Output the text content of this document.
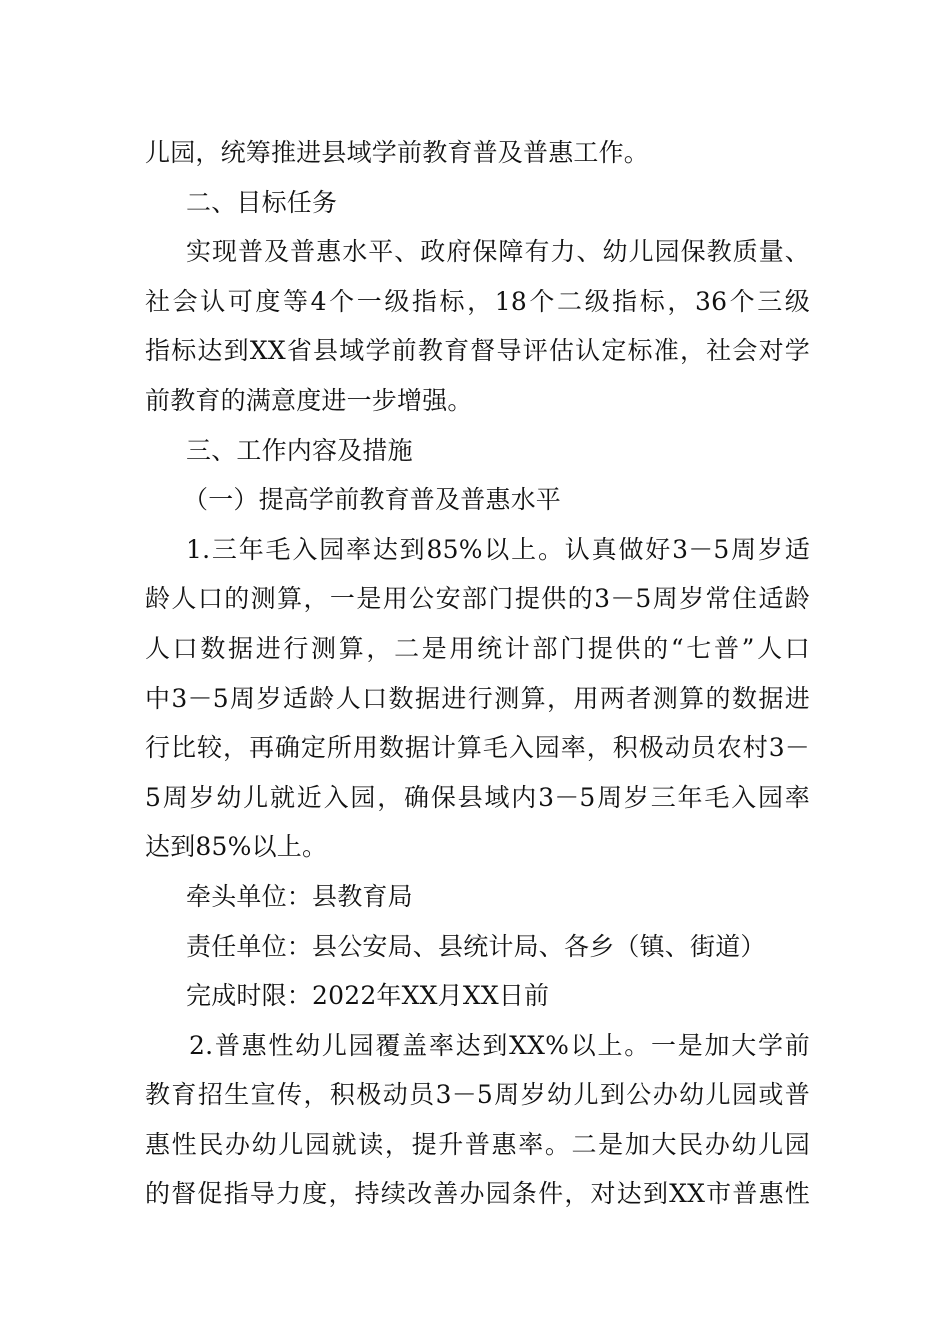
儿园，统筹推进县域学前教育普及普惠工作。
二、目标任务
实现普及普惠水平、政府保障有力、幼儿园保教质量、
社会认可度等4个一级指标，18个二级指标，36个三级
指标达到XX省县域学前教育督导评估认定标准，社会对学
前教育的满意度进一步增强。
三、工作内容及措施
（一）提高学前教育普及普惠水平
1.三年毛入园率达到85%以上。认真做好3－5周岁适
龄人口的测算，一是用公安部门提供的3－5周岁常住适龄
人口数据进行测算，二是用统计部门提供的“七普”人口
中3－5周岁适龄人口数据进行测算，用两者测算的数据进
行比较，再确定所用数据计算毛入园率，积极动员农村3－
5周岁幼儿就近入园，确保县域内3－5周岁三年毛入园率
达到85%以上。
牵头单位：县教育局
责任单位：县公安局、县统计局、各乡（镇、街道）
完成时限：2022年XX月XX日前
2.普惠性幼儿园覆盖率达到XX%以上。一是加大学前
教育招生宣传，积极动员3－5周岁幼儿到公办幼儿园或普
惠性民办幼儿园就读，提升普惠率。二是加大民办幼儿园
的督促指导力度，持续改善办园条件，对达到XX市普惠性
